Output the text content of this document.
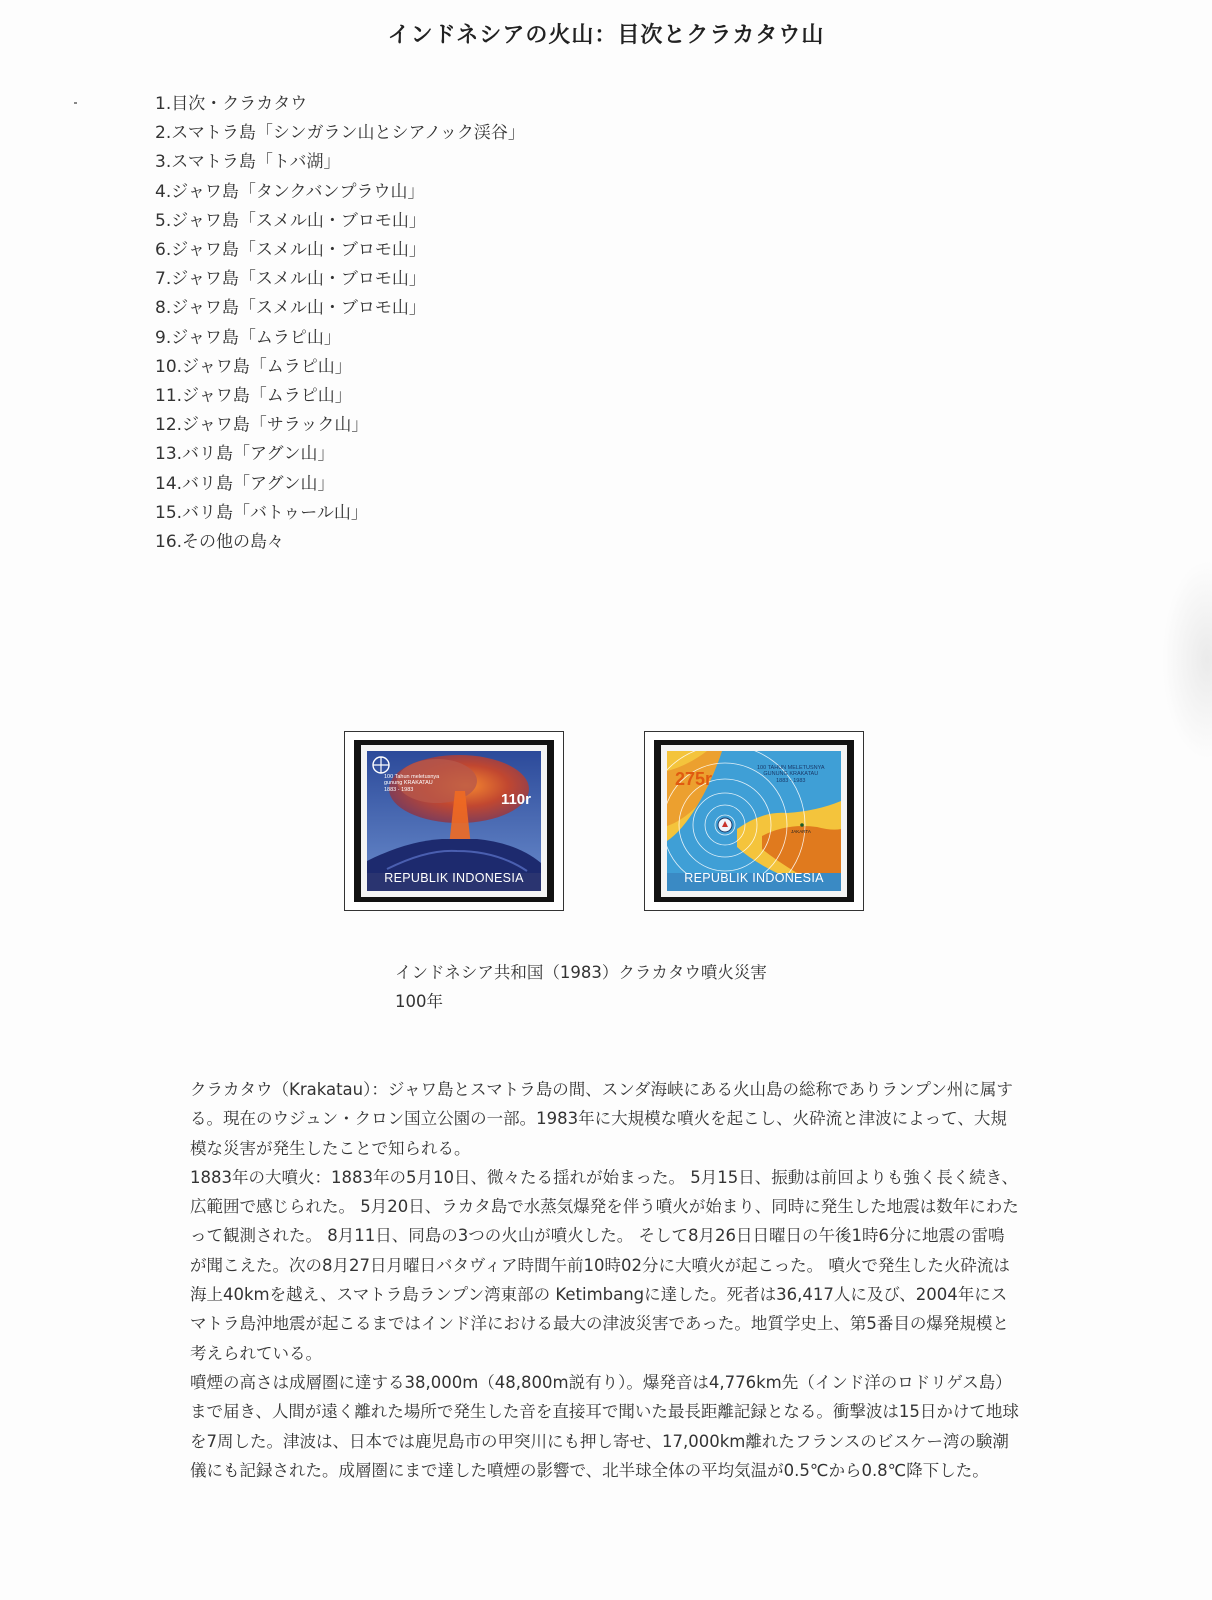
インドネシアの火山：目次とクラカタウ山
1.目次・クラカタウ
2.スマトラ島「シンガラン山とシアノック渓谷」
3.スマトラ島「トバ湖」
4.ジャワ島「タンクバンプラウ山」
5.ジャワ島「スメル山・ブロモ山」
6.ジャワ島「スメル山・ブロモ山」
7.ジャワ島「スメル山・ブロモ山」
8.ジャワ島「スメル山・ブロモ山」
9.ジャワ島「ムラピ山」
10.ジャワ島「ムラピ山」
11.ジャワ島「ムラピ山」
12.ジャワ島「サラック山」
13.バリ島「アグン山」
14.バリ島「アグン山」
15.バリ島「バトゥール山」
16.その他の島々
100 Tahun meletusnya
gunung KRAKATAU
1883 - 1983
110r
REPUBLIK INDONESIA
100 TAHUN MELETUSNYA
GUNUNG KRAKATAU
1883 - 1983
JAKARTA
275r
REPUBLIK INDONESIA
インドネシア共和国（1983）クラカタウ噴火災害
100年

クラカタウ（Krakatau）：ジャワ島とスマトラ島の間、スンダ海峡にある火山島の総称でありランプン州に属する。現在のウジュン・クロン国立公園の一部。1983年に大規模な噴火を起こし、火砕流と津波によって、大規模な災害が発生したことで知られる。

1883年の大噴火：1883年の5月10日、微々たる揺れが始まった。 5月15日、振動は前回よりも強く長く続き、広範囲で感じられた。 5月20日、ラカタ島で水蒸気爆発を伴う噴火が始まり、同時に発生した地震は数年にわたって観測された。 8月11日、同島の3つの火山が噴火した。 そして8月26日日曜日の午後1時6分に地震の雷鳴が聞こえた。次の8月27日月曜日バタヴィア時間午前10時02分に大噴火が起こった。 噴火で発生した火砕流は海上40kmを越え、スマトラ島ランプン湾東部の Ketimbangに達した。死者は36,417人に及び、2004年にスマトラ島沖地震が起こるまではインド洋における最大の津波災害であった。地質学史上、第5番目の爆発規模と考えられている。

噴煙の高さは成層圏に達する38,000m（48,800m説有り）。爆発音は4,776km先（インド洋のロドリゲス島）まで届き、人間が遠く離れた場所で発生した音を直接耳で聞いた最長距離記録となる。衝撃波は15日かけて地球を7周した。津波は、日本では鹿児島市の甲突川にも押し寄せ、17,000km離れたフランスのビスケー湾の験潮儀にも記録された。成層圏にまで達した噴煙の影響で、北半球全体の平均気温が0.5℃から0.8℃降下した。
